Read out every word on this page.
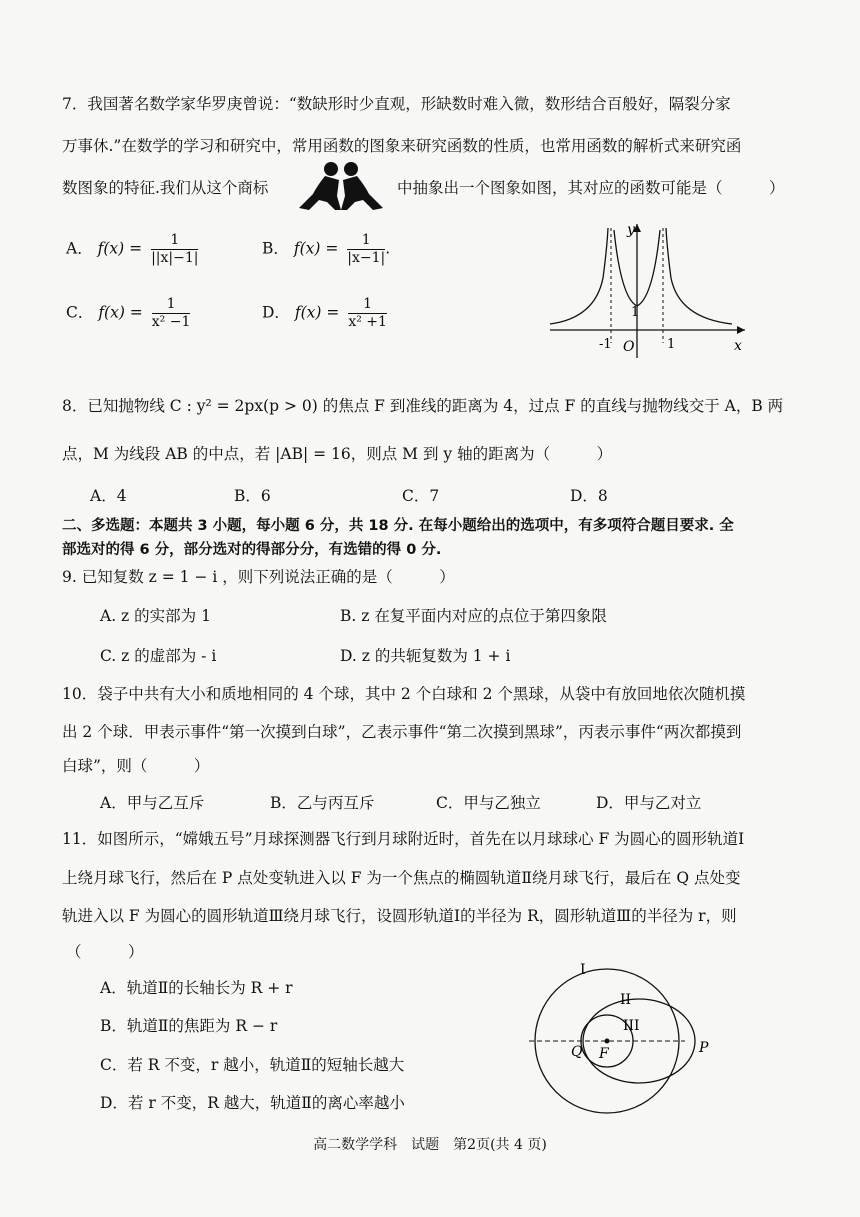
7．我国著名数学家华罗庚曾说：“数缺形时少直观，形缺数时难入微，数形结合百般好，隔裂分家
万事休.”在数学的学习和研究中，常用函数的图象来研究函数的性质，也常用函数的解析式来研究函
数图象的特征.我们从这个商标	中抽象出一个图象如图，其对应的函数可能是（　　　）
A． $f(x) = \frac{1}{||x|-1|}$	B． $f(x) = \frac{1}{|x-1|}$ .
C． $f(x) = \frac{1}{\text{x² −1}}$	D． $f(x) = \frac{1}{\text{x² +1}}$
y
x
O
1
-1	1
8．已知抛物线 C : y² = 2px(p > 0) 的焦点 F 到准线的距离为 4，过点 F 的直线与抛物线交于 A，B 两
点，M 为线段 AB 的中点，若 |AB| = 16，则点 M 到 y 轴的距离为（　　　）
A．4	B．6	C．7	D．8
二、多选题：本题共 3 小题，每小题 6 分，共 18 分. 在每小题给出的选项中，有多项符合题目要求. 全
部选对的得 6 分，部分选对的得部分分，有选错的得 0 分.
9. 已知复数 z = 1 − i ，则下列说法正确的是（　　　）
A. z 的实部为 1	B. z 在复平面内对应的点位于第四象限
C. z 的虚部为 - i	D. z 的共轭复数为 1 + i
10．袋子中共有大小和质地相同的 4 个球，其中 2 个白球和 2 个黑球，从袋中有放回地依次随机摸
出 2 个球．甲表示事件“第一次摸到白球”，乙表示事件“第二次摸到黑球”，丙表示事件“两次都摸到
白球”，则（　　　）
A．甲与乙互斥	B．乙与丙互斥	C．甲与乙独立	D．甲与乙对立
11．如图所示，“嫦娥五号”月球探测器飞行到月球附近时，首先在以月球球心 F 为圆心的圆形轨道Ⅰ
上绕月球飞行，然后在 P 点处变轨进入以 F 为一个焦点的椭圆轨道Ⅱ绕月球飞行，最后在 Q 点处变
轨进入以 F 为圆心的圆形轨道Ⅲ绕月球飞行，设圆形轨道Ⅰ的半径为 R，圆形轨道Ⅲ的半径为 r，则
（　　　）
A．轨道Ⅱ的长轴长为 R + r
B．轨道Ⅱ的焦距为 R − r
C．若 R 不变，r 越小，轨道Ⅱ的短轴长越大
D．若 r 不变，R 越大，轨道Ⅱ的离心率越小
I
II
III
Q F	P
高二数学学科　试题　第2页(共 4 页)
